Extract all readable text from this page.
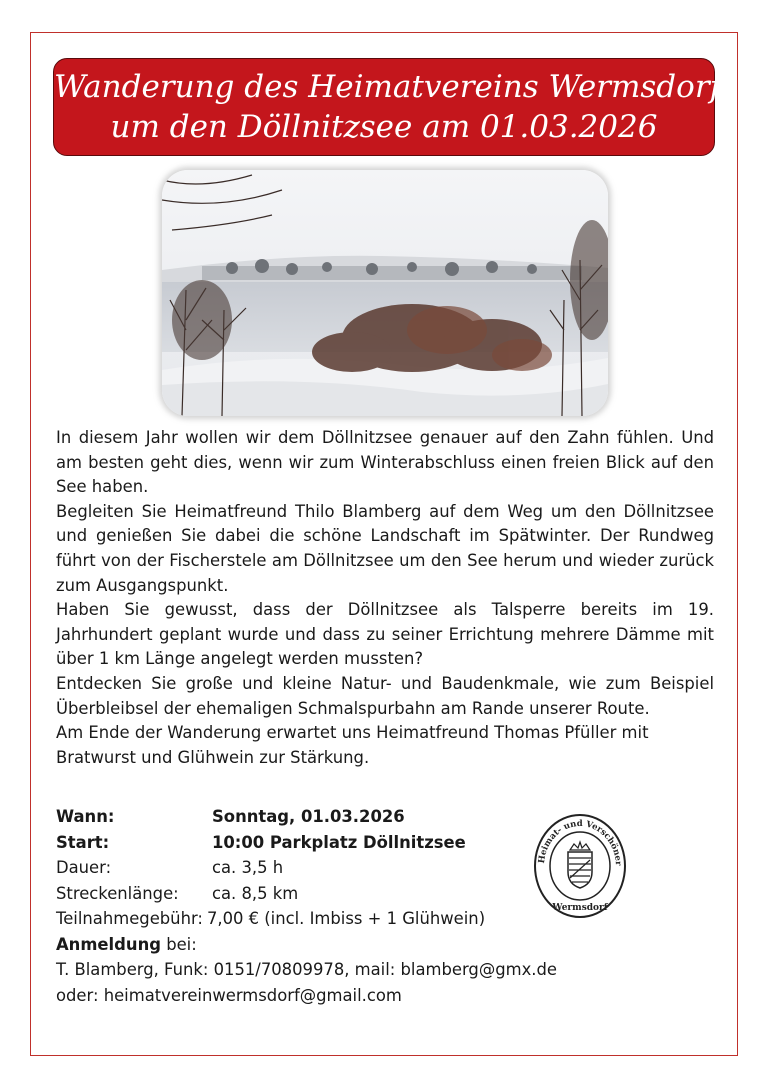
Wanderung des Heimatvereins Wermsdorf
um den Döllnitzsee am 01.03.2026

In diesem Jahr wollen wir dem Döllnitzsee genauer auf den Zahn fühlen. Und am besten geht dies, wenn wir zum Winterabschluss einen freien Blick auf den See haben.

Begleiten Sie Heimatfreund Thilo Blamberg auf dem Weg um den Döllnitzsee und genießen Sie dabei die schöne Landschaft im Spätwinter. Der Rundweg führt von der Fischerstele am Döllnitzsee um den See herum und wieder zurück zum Ausgangspunkt.

Haben Sie gewusst, dass der Döllnitzsee als Talsperre bereits im 19. Jahrhundert geplant wurde und dass zu seiner Errichtung mehrere Dämme mit über 1 km Länge angelegt werden mussten?

Entdecken Sie große und kleine Natur- und Baudenkmale, wie zum Beispiel Überbleibsel der ehemaligen Schmalspurbahn am Rande unserer Route.

Am Ende der Wanderung erwartet uns Heimatfreund Thomas Pfüller mit Bratwurst und Glühwein zur Stärkung.

Wann:	Sonntag, 01.03.2026
Start:	10:00 Parkplatz Döllnitzsee
Dauer:	ca. 3,5 h
Streckenlänge:	ca. 8,5 km
Teilnahmegebühr: 7,00 € (incl. Imbiss + 1 Glühwein)
Anmeldung bei:
T. Blamberg, Funk: 0151/70809978, mail: blamberg@gmx.de
oder: heimatvereinwermsdorf@gmail.com
Heimat- und Verschöner
Wermsdorf
